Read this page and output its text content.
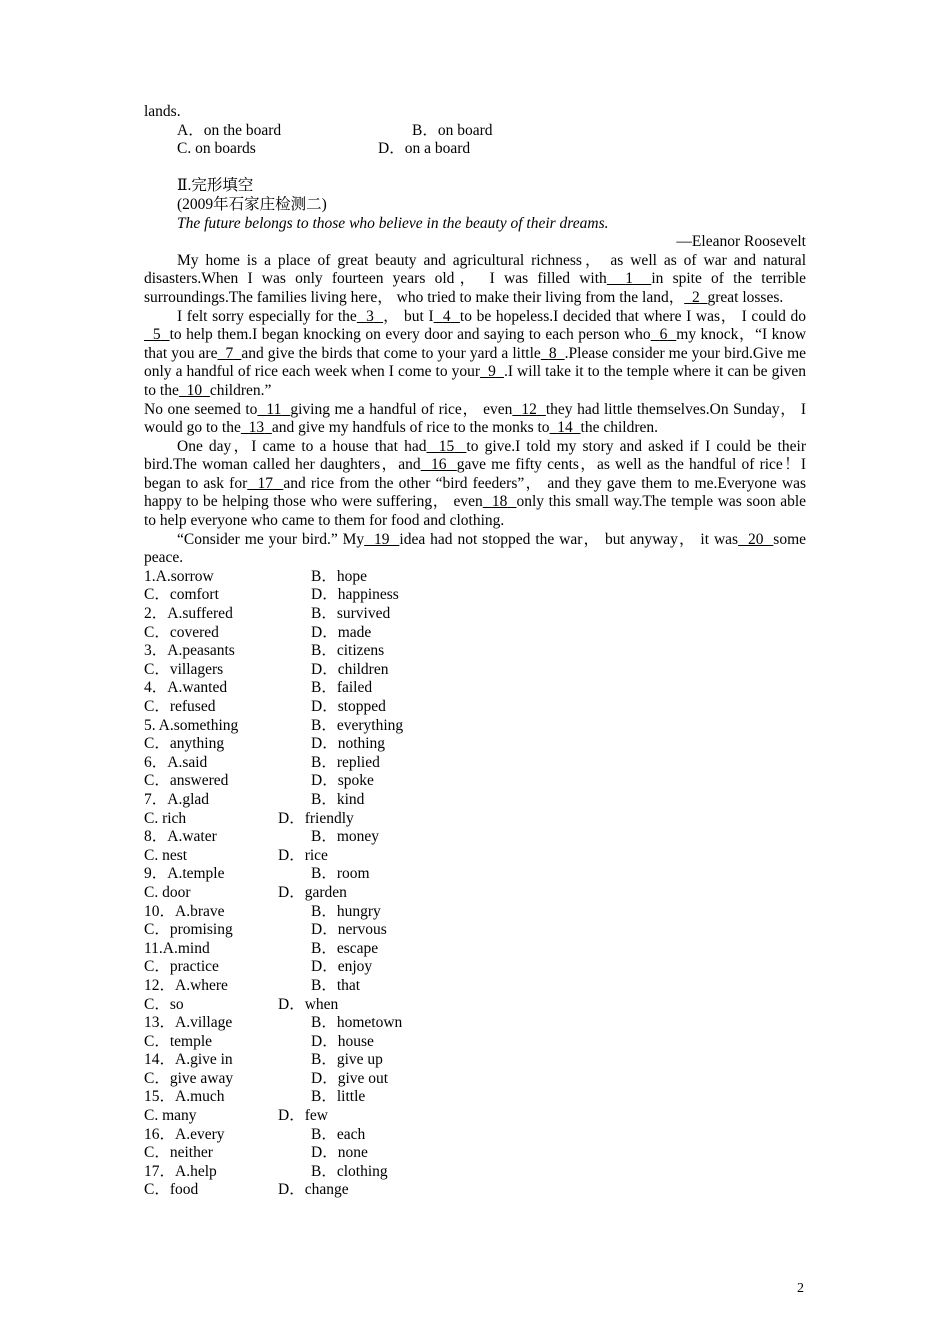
lands.
A．on the board	B．on board
C. on boards	D．on a board
Ⅱ.完形填空
(2009年石家庄检测二)
The future belongs to those who believe in the beauty of their dreams.
—Eleanor Roosevelt
My home is a place of great beauty and agricultural richness， as well as of war and natural disasters.When I was only fourteen years old， I was filled with 1 in spite of the terrible surroundings.The families living here， who tried to make their living from the land， 2 great losses.
I felt sorry especially for the 3 ， but I 4 to be hopeless.I decided that where I was， I could do  5 to help them.I began knocking on every door and saying to each person who 6 my knock，“I know that you are 7 and give the birds that come to your yard a little 8 .Please consider me your bird.Give me only a handful of rice each week when I come to your 9 .I will take it to the temple where it can be given to the 10 children.”
No one seemed to 11 giving me a handful of rice， even 12 they had little themselves.On Sunday， I would go to the 13 and give my handfuls of rice to the monks to 14 the children.
One day，I came to a house that had 15 to give.I told my story and asked if I could be their bird.The woman called her daughters，and 16 gave me fifty cents，as well as the handful of rice！I began to ask for 17 and rice from the other “bird feeders”， and they gave them to me.Everyone was happy to be helping those who were suffering， even 18 only this small way.The temple was soon able to help everyone who came to them for food and clothing.
“Consider me your bird.” My 19 idea had not stopped the war， but anyway， it was 20 some peace.
1.A.sorrow	B．hope
C．comfort	D．happiness
2．A.suffered	B．survived
C．covered	D．made
3．A.peasants	B．citizens
C．villagers	D．children
4．A.wanted	B．failed
C．refused	D．stopped
5. A.something	B．everything
C．anything	D．nothing
6．A.said	B．replied
C．answered	D．spoke
7．A.glad	B．kind
C. rich	D．friendly
8．A.water	B．money
C. nest	D．rice
9．A.temple	B．room
C. door	D．garden
10．A.brave	B．hungry
C．promising	D．nervous
11.A.mind	B．escape
C．practice	D．enjoy
12．A.where	B．that
C．so	D．when
13．A.village	B．hometown
C．temple	D．house
14．A.give in	B．give up
C．give away	D．give out
15．A.much	B．little
C. many	D．few
16．A.every	B．each
C．neither	D．none
17．A.help	B．clothing
C．food	D．change
2
